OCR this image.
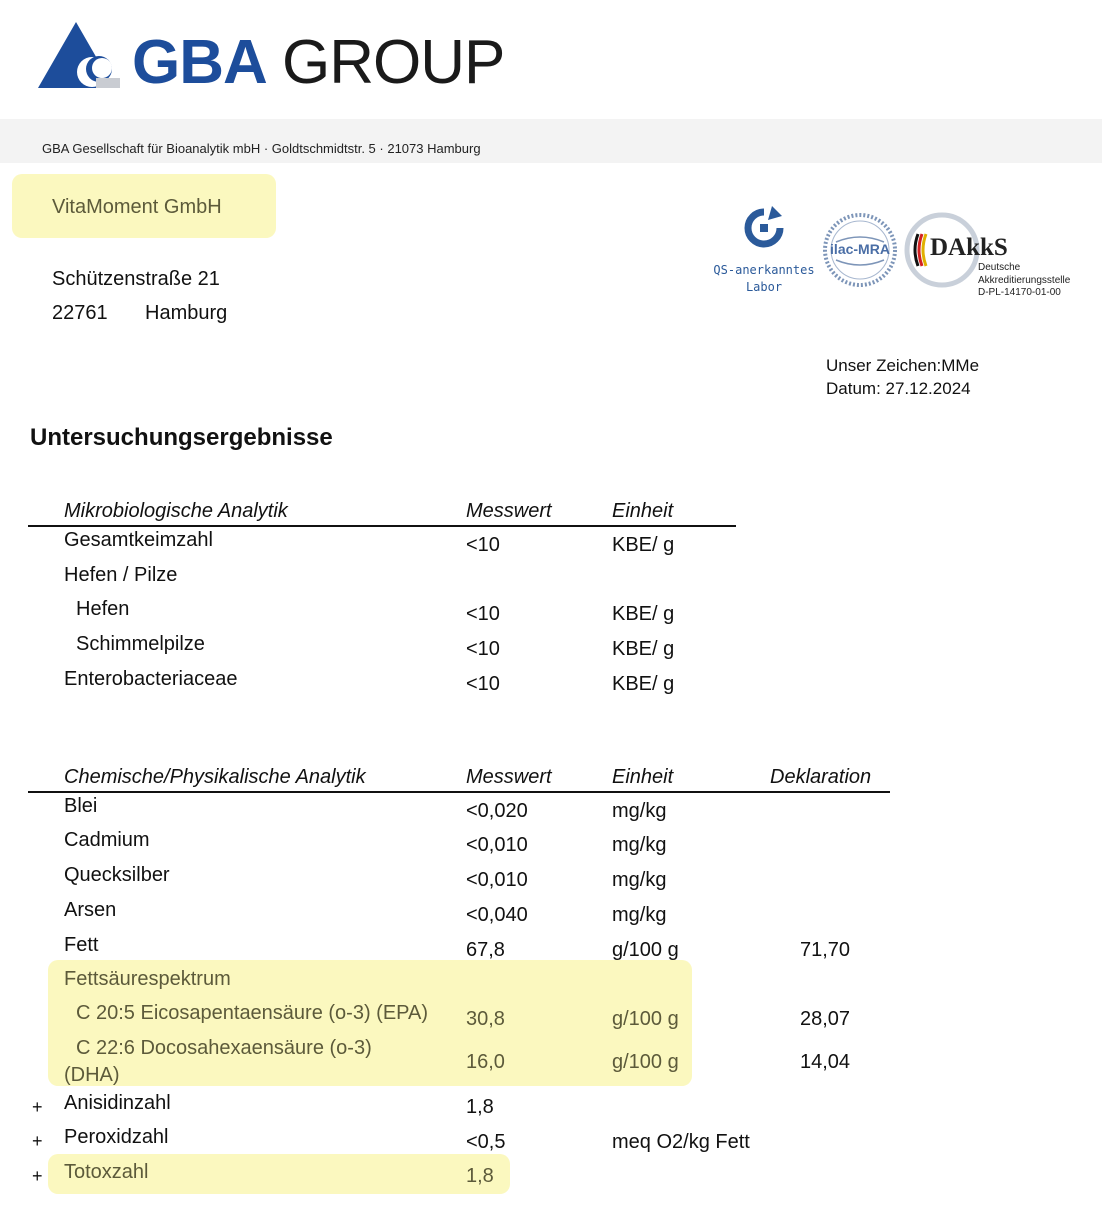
GBA GROUP
GBA Gesellschaft für Bioanalytik mbH · Goldtschmidtstr. 5 · 21073 Hamburg
VitaMoment GmbH
Schützenstraße 21
22761 Hamburg
QS-anerkanntes
Labor
ilac-MRA DAkkS
Deutsche
Akkreditierungsstelle
D-PL-14170-01-00
Unser Zeichen:MMe
Datum: 27.12.2024
Untersuchungsergebnisse
Mikrobiologische Analytik	Messwert	Einheit
Gesamtkeimzahl	<10	KBE/ g
Hefen / Pilze
Hefen	<10	KBE/ g
Schimmelpilze	<10	KBE/ g
Enterobacteriaceae	<10	KBE/ g
Chemische/Physikalische Analytik	Messwert	Einheit	Deklaration
Blei	<0,020	mg/kg
Cadmium	<0,010	mg/kg
Quecksilber	<0,010	mg/kg
Arsen	<0,040	mg/kg
Fett	67,8	g/100 g	71,70
Fettsäurespektrum
C 20:5 Eicosapentaensäure (o-3) (EPA) 30,8	g/100 g	28,07
C 22:6 Docosahexaensäure (o-3)
(DHA)
16,0	g/100 g	14,04
+ Anisidinzahl	1,8
+ Peroxidzahl	<0,5	meq O2/kg Fett
+ Totoxzahl	1,8
